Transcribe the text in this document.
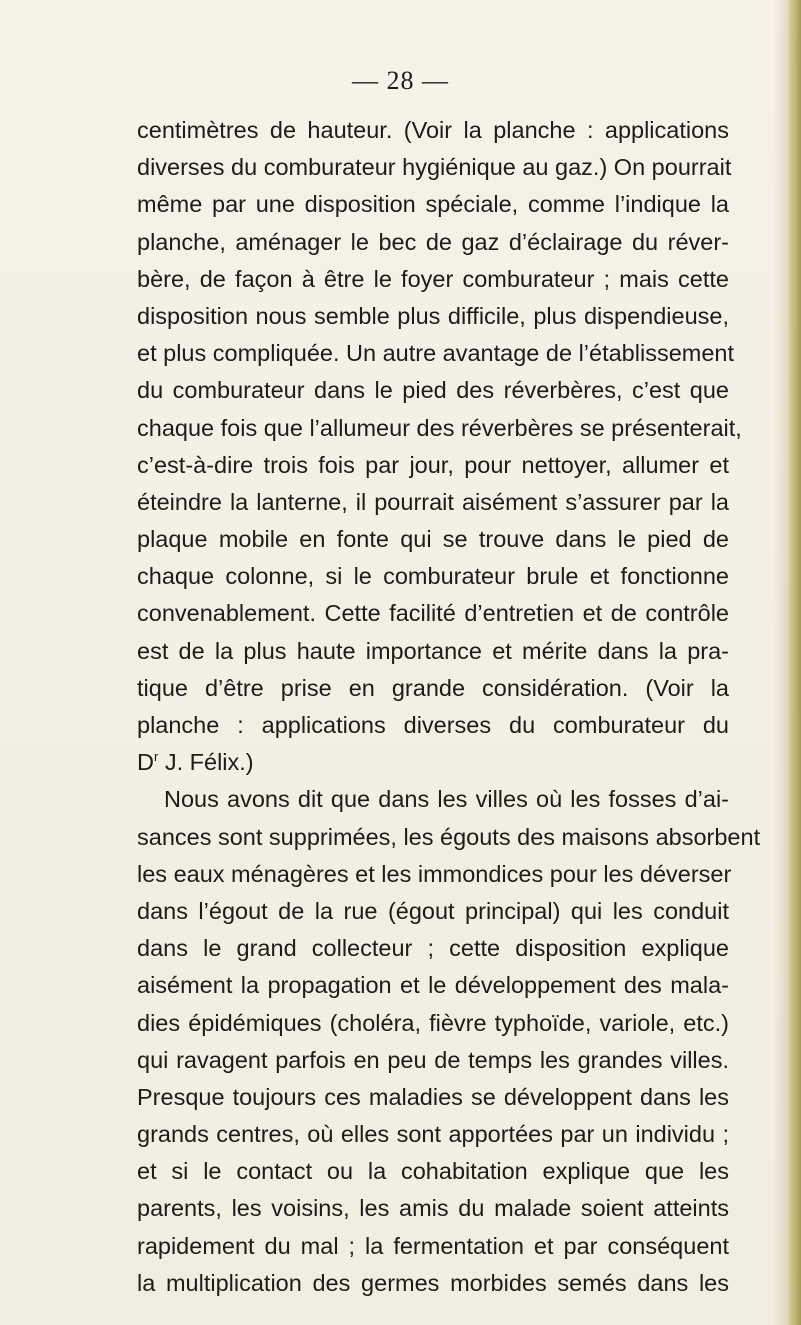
— 28 —
centimètres de hauteur. (Voir la planche : applications
diverses du comburateur hygiénique au gaz.) On pourrait
même par une disposition spéciale, comme l’indique la
planche, aménager le bec de gaz d’éclairage du réver-
bère, de façon à être le foyer comburateur ; mais cette
disposition nous semble plus difficile, plus dispendieuse,
et plus compliquée. Un autre avantage de l’établissement
du comburateur dans le pied des réverbères, c’est que
chaque fois que l’allumeur des réverbères se présenterait,
c’est-à-dire trois fois par jour, pour nettoyer, allumer et
éteindre la lanterne, il pourrait aisément s’assurer par la
plaque mobile en fonte qui se trouve dans le pied de
chaque colonne, si le comburateur brule et fonctionne
convenablement. Cette facilité d’entretien et de contrôle
est de la plus haute importance et mérite dans la pra-
tique d’être prise en grande considération. (Voir la
planche : applications diverses du comburateur du
$D^r$ J. Félix.)
Nous avons dit que dans les villes où les fosses d’ai-
sances sont supprimées, les égouts des maisons absorbent
les eaux ménagères et les immondices pour les déverser
dans l’égout de la rue (égout principal) qui les conduit
dans le grand collecteur ; cette disposition explique
aisément la propagation et le développement des mala-
dies épidémiques (choléra, fièvre typhoïde, variole, etc.)
qui ravagent parfois en peu de temps les grandes villes.
Presque toujours ces maladies se développent dans les
grands centres, où elles sont apportées par un individu ;
et si le contact ou la cohabitation explique que les
parents, les voisins, les amis du malade soient atteints
rapidement du mal ; la fermentation et par conséquent
la multiplication des germes morbides semés dans les
